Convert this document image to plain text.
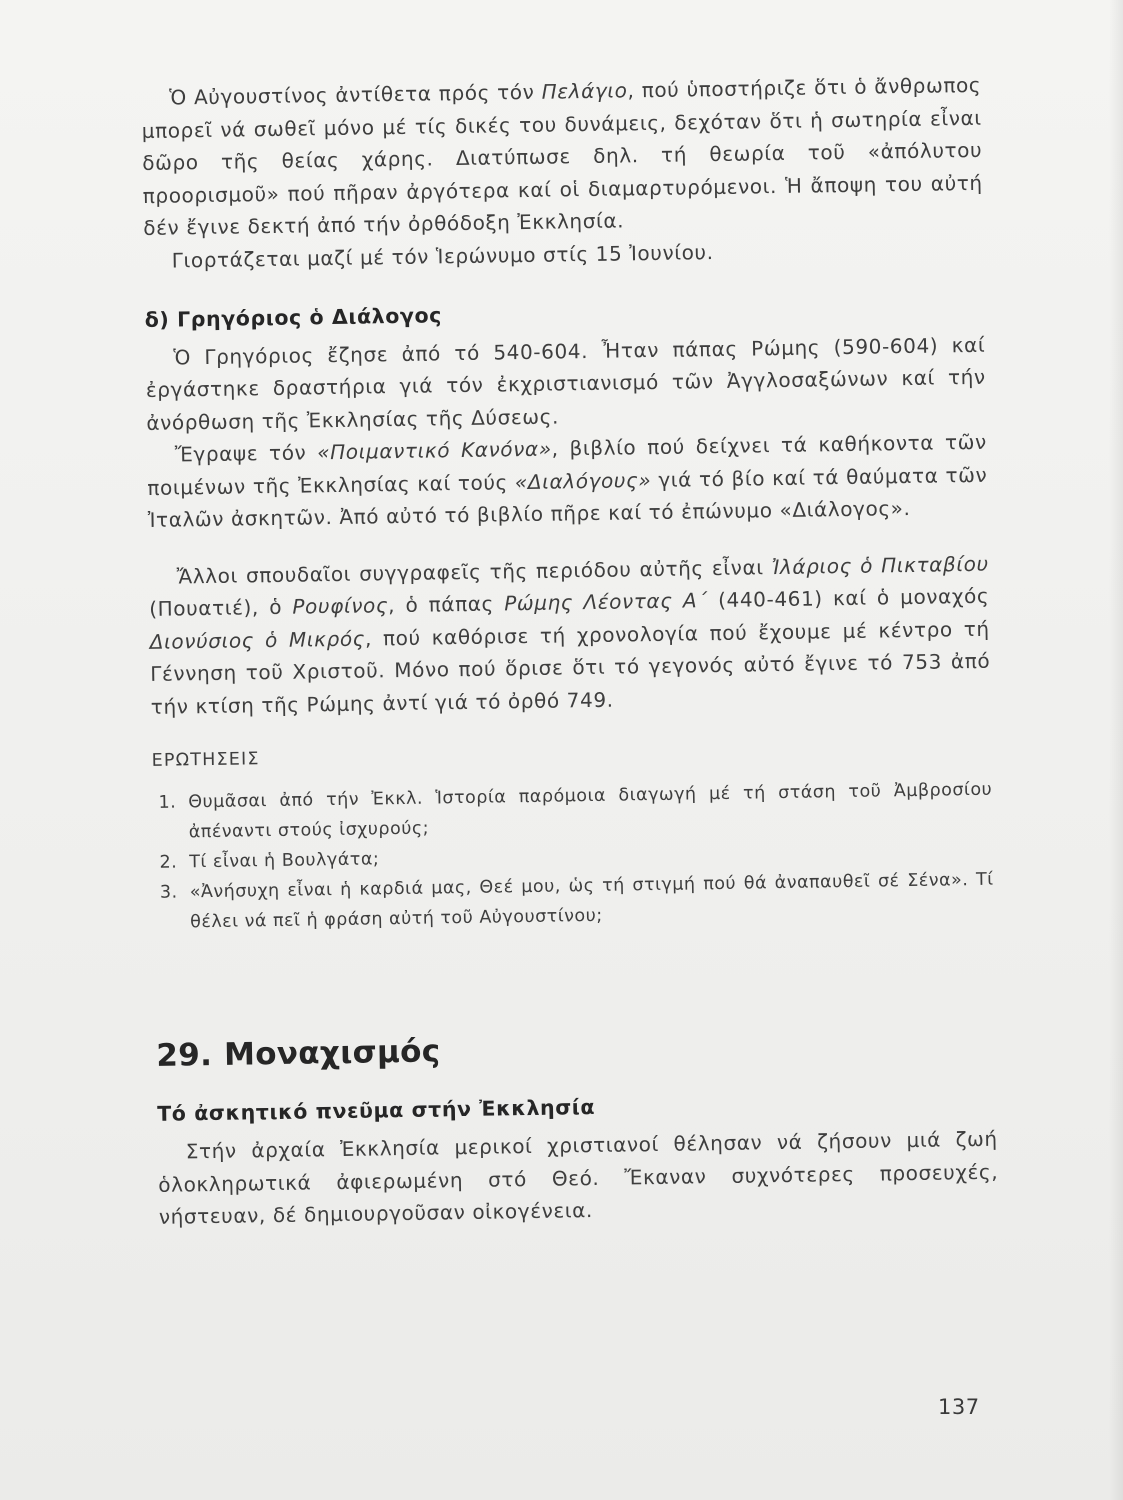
Ὁ Αὐγουστίνος ἀντίθετα πρός τόν Πελάγιο, πού ὑποστήριζε ὅτι ὁ ἄνθρωπος μπορεῖ νά σωθεῖ μόνο μέ τίς δικές του δυνάμεις, δεχόταν ὅτι ἡ σωτηρία εἶναι δῶρο τῆς θείας χάρης. Διατύπωσε δηλ. τή θεωρία τοῦ «ἀπόλυτου προορισμοῦ» πού πῆραν ἀργότερα καί οἱ διαμαρτυρόμενοι. Ἡ ἄποψη του αὐτή δέν ἔγινε δεκτή ἀπό τήν ὀρθόδοξη Ἐκκλησία.

Γιορτάζεται μαζί μέ τόν Ἱερώνυμο στίς 15 Ἰουνίου.

δ) Γρηγόριος ὁ Διάλογος

Ὁ Γρηγόριος ἔζησε ἀπό τό 540-604. Ἦταν πάπας Ρώμης (590-604) καί ἐργάστηκε δραστήρια γιά τόν ἐκχριστιανισμό τῶν Ἀγγλοσαξώνων καί τήν ἀνόρθωση τῆς Ἐκκλησίας τῆς Δύσεως.

Ἔγραψε τόν «Ποιμαντικό Κανόνα», βιβλίο πού δείχνει τά καθήκοντα τῶν ποιμένων τῆς Ἐκκλησίας καί τούς «Διαλόγους» γιά τό βίο καί τά θαύματα τῶν Ἰταλῶν ἀσκητῶν. Ἀπό αὐτό τό βιβλίο πῆρε καί τό ἐπώνυμο «Διάλογος».

Ἄλλοι σπουδαῖοι συγγραφεῖς τῆς περιόδου αὐτῆς εἶναι Ἰλάριος ὁ Πικταβίου (Πουατιέ), ὁ Ρουφίνος, ὁ πάπας Ρώμης Λέοντας Α΄ (440-461) καί ὁ μοναχός Διονύσιος ὁ Μικρός, πού καθόρισε τή χρονολογία πού ἔχουμε μέ κέντρο τή Γέννηση τοῦ Χριστοῦ. Μόνο πού ὅρισε ὅτι τό γεγονός αὐτό ἔγινε τό 753 ἀπό τήν κτίση τῆς Ρώμης ἀντί γιά τό ὀρθό 749.

ΕΡΩΤΗΣΕΙΣ
1. Θυμᾶσαι ἀπό τήν Ἐκκλ. Ἱστορία παρόμοια διαγωγή μέ τή στάση τοῦ Ἀμβροσίου ἀπέναντι στούς ἰσχυρούς;
2. Τί εἶναι ἡ Βουλγάτα;
3. «Ἀνήσυχη εἶναι ἡ καρδιά μας, Θεέ μου, ὡς τή στιγμή πού θά ἀναπαυθεῖ σέ Σένα». Τί θέλει νά πεῖ ἡ φράση αὐτή τοῦ Αὐγουστίνου;
29. Μοναχισμός
Τό ἀσκητικό πνεῦμα στήν Ἐκκλησία

Στήν ἀρχαία Ἐκκλησία μερικοί χριστιανοί θέλησαν νά ζήσουν μιά ζωή ὁλοκληρωτικά ἀφιερωμένη στό Θεό. Ἔκαναν συχνότερες προσευχές, νήστευαν, δέ δημιουργοῦσαν οἰκογένεια.

137
